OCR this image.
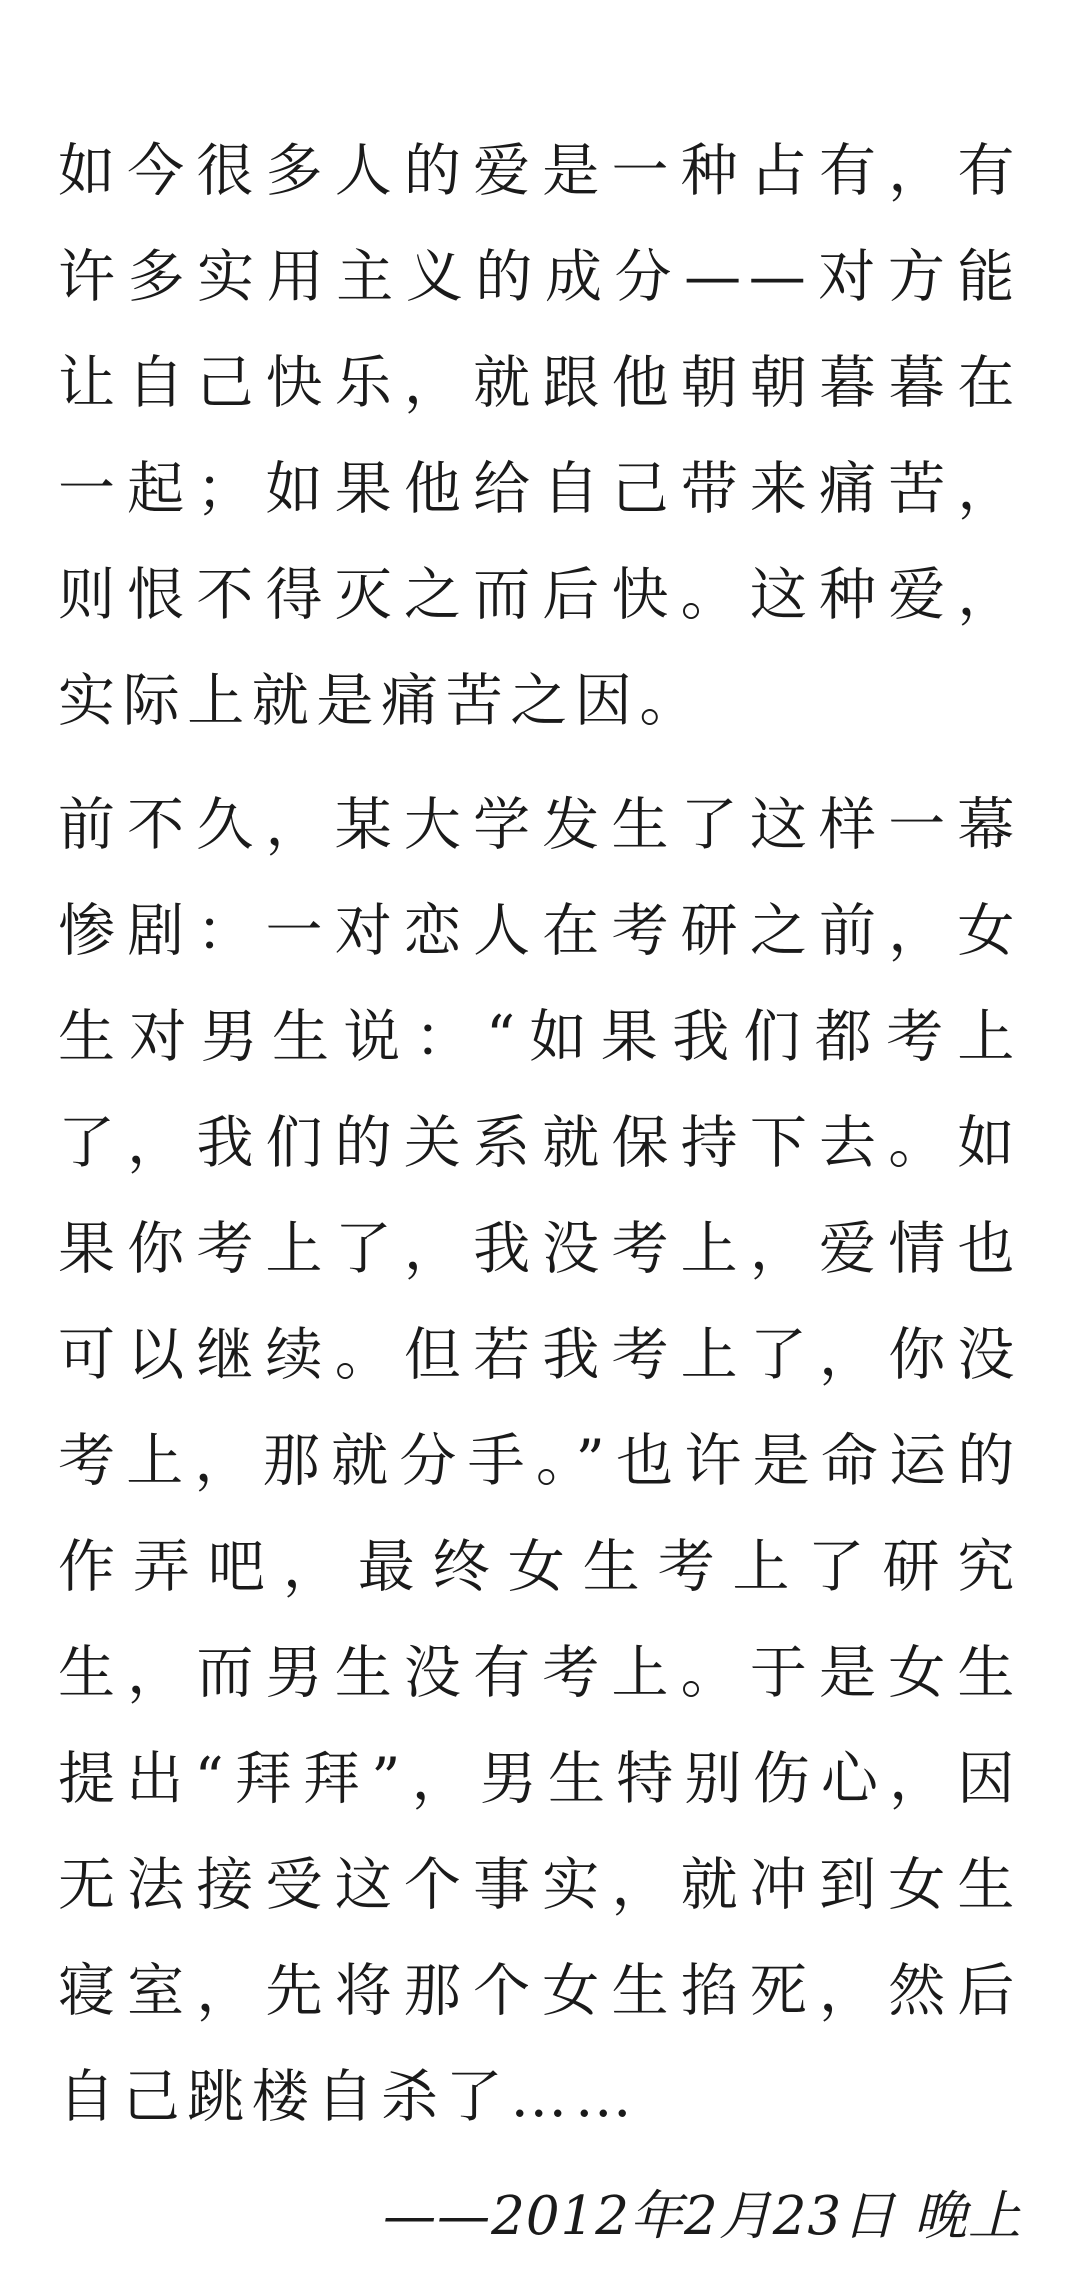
如今很多人的爱是一种占有，有许多实用主义的成分——对方能让自己快乐，就跟他朝朝暮暮在一起；如果他给自己带来痛苦，则恨不得灭之而后快。这种爱，实际上就是痛苦之因。

前不久，某大学发生了这样一幕惨剧：一对恋人在考研之前，女生对男生说：“如果我们都考上了，我们的关系就保持下去。如果你考上了，我没考上，爱情也可以继续。但若我考上了，你没考上，那就分手。”也许是命运的作弄吧，最终女生考上了研究生，而男生没有考上。于是女生提出“拜拜”，男生特别伤心，因无法接受这个事实，就冲到女生寝室，先将那个女生掐死，然后自己跳楼自杀了……

——2012年2月23日 晚上
